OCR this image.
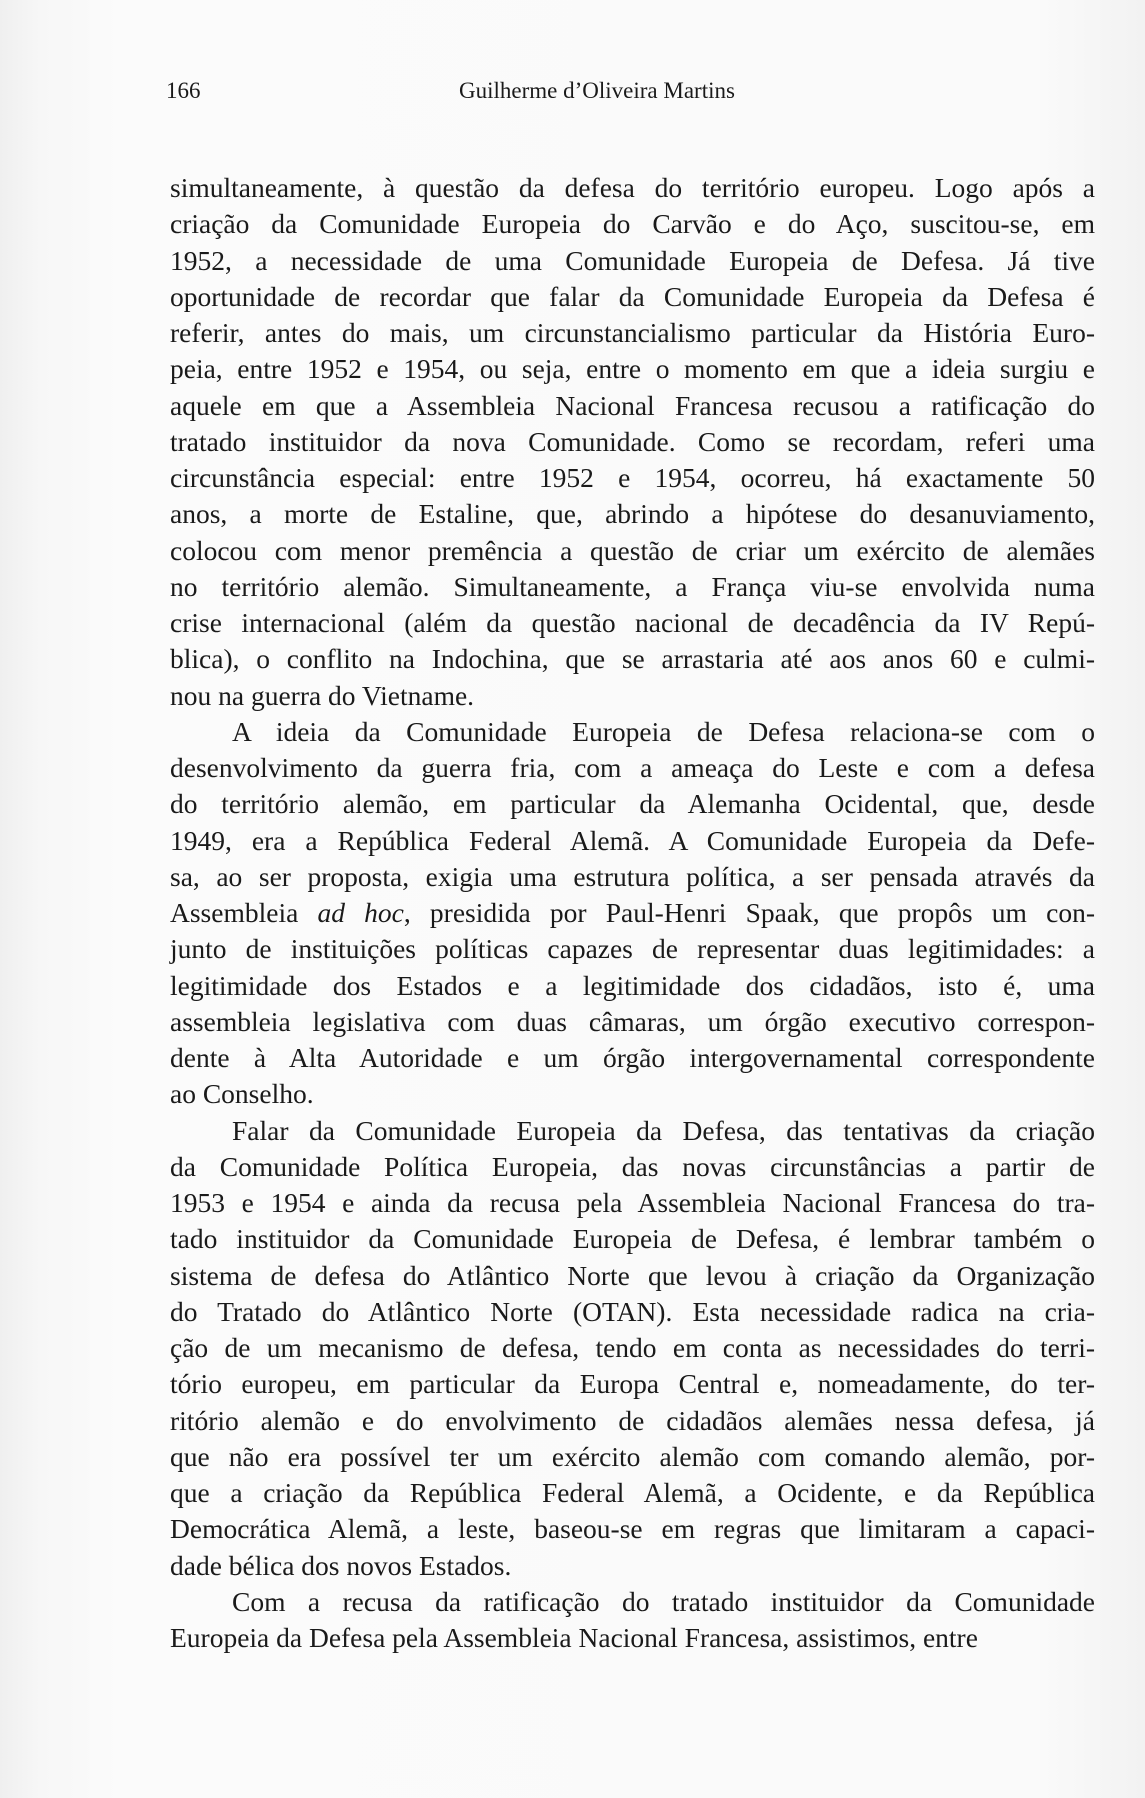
166	Guilherme d’Oliveira Martins
simultaneamente, à questão da defesa do território europeu. Logo após a
criação da Comunidade Europeia do Carvão e do Aço, suscitou-se, em
1952, a necessidade de uma Comunidade Europeia de Defesa. Já tive
oportunidade de recordar que falar da Comunidade Europeia da Defesa é
referir, antes do mais, um circunstancialismo particular da História Euro-
peia, entre 1952 e 1954, ou seja, entre o momento em que a ideia surgiu e
aquele em que a Assembleia Nacional Francesa recusou a ratificação do
tratado instituidor da nova Comunidade. Como se recordam, referi uma
circunstância especial: entre 1952 e 1954, ocorreu, há exactamente 50
anos, a morte de Estaline, que, abrindo a hipótese do desanuviamento,
colocou com menor premência a questão de criar um exército de alemães
no território alemão. Simultaneamente, a França viu-se envolvida numa
crise internacional (além da questão nacional de decadência da IV Repú-
blica), o conflito na Indochina, que se arrastaria até aos anos 60 e culmi-
nou na guerra do Vietname.
A ideia da Comunidade Europeia de Defesa relaciona-se com o
desenvolvimento da guerra fria, com a ameaça do Leste e com a defesa
do território alemão, em particular da Alemanha Ocidental, que, desde
1949, era a República Federal Alemã. A Comunidade Europeia da Defe-
sa, ao ser proposta, exigia uma estrutura política, a ser pensada através da
Assembleia ad hoc, presidida por Paul-Henri Spaak, que propôs um con-
junto de instituições políticas capazes de representar duas legitimidades: a
legitimidade dos Estados e a legitimidade dos cidadãos, isto é, uma
assembleia legislativa com duas câmaras, um órgão executivo correspon-
dente à Alta Autoridade e um órgão intergovernamental correspondente
ao Conselho.
Falar da Comunidade Europeia da Defesa, das tentativas da criação
da Comunidade Política Europeia, das novas circunstâncias a partir de
1953 e 1954 e ainda da recusa pela Assembleia Nacional Francesa do tra-
tado instituidor da Comunidade Europeia de Defesa, é lembrar também o
sistema de defesa do Atlântico Norte que levou à criação da Organização
do Tratado do Atlântico Norte (OTAN). Esta necessidade radica na cria-
ção de um mecanismo de defesa, tendo em conta as necessidades do terri-
tório europeu, em particular da Europa Central e, nomeadamente, do ter-
ritório alemão e do envolvimento de cidadãos alemães nessa defesa, já
que não era possível ter um exército alemão com comando alemão, por-
que a criação da República Federal Alemã, a Ocidente, e da República
Democrática Alemã, a leste, baseou-se em regras que limitaram a capaci-
dade bélica dos novos Estados.
Com a recusa da ratificação do tratado instituidor da Comunidade
Europeia da Defesa pela Assembleia Nacional Francesa, assistimos, entre
